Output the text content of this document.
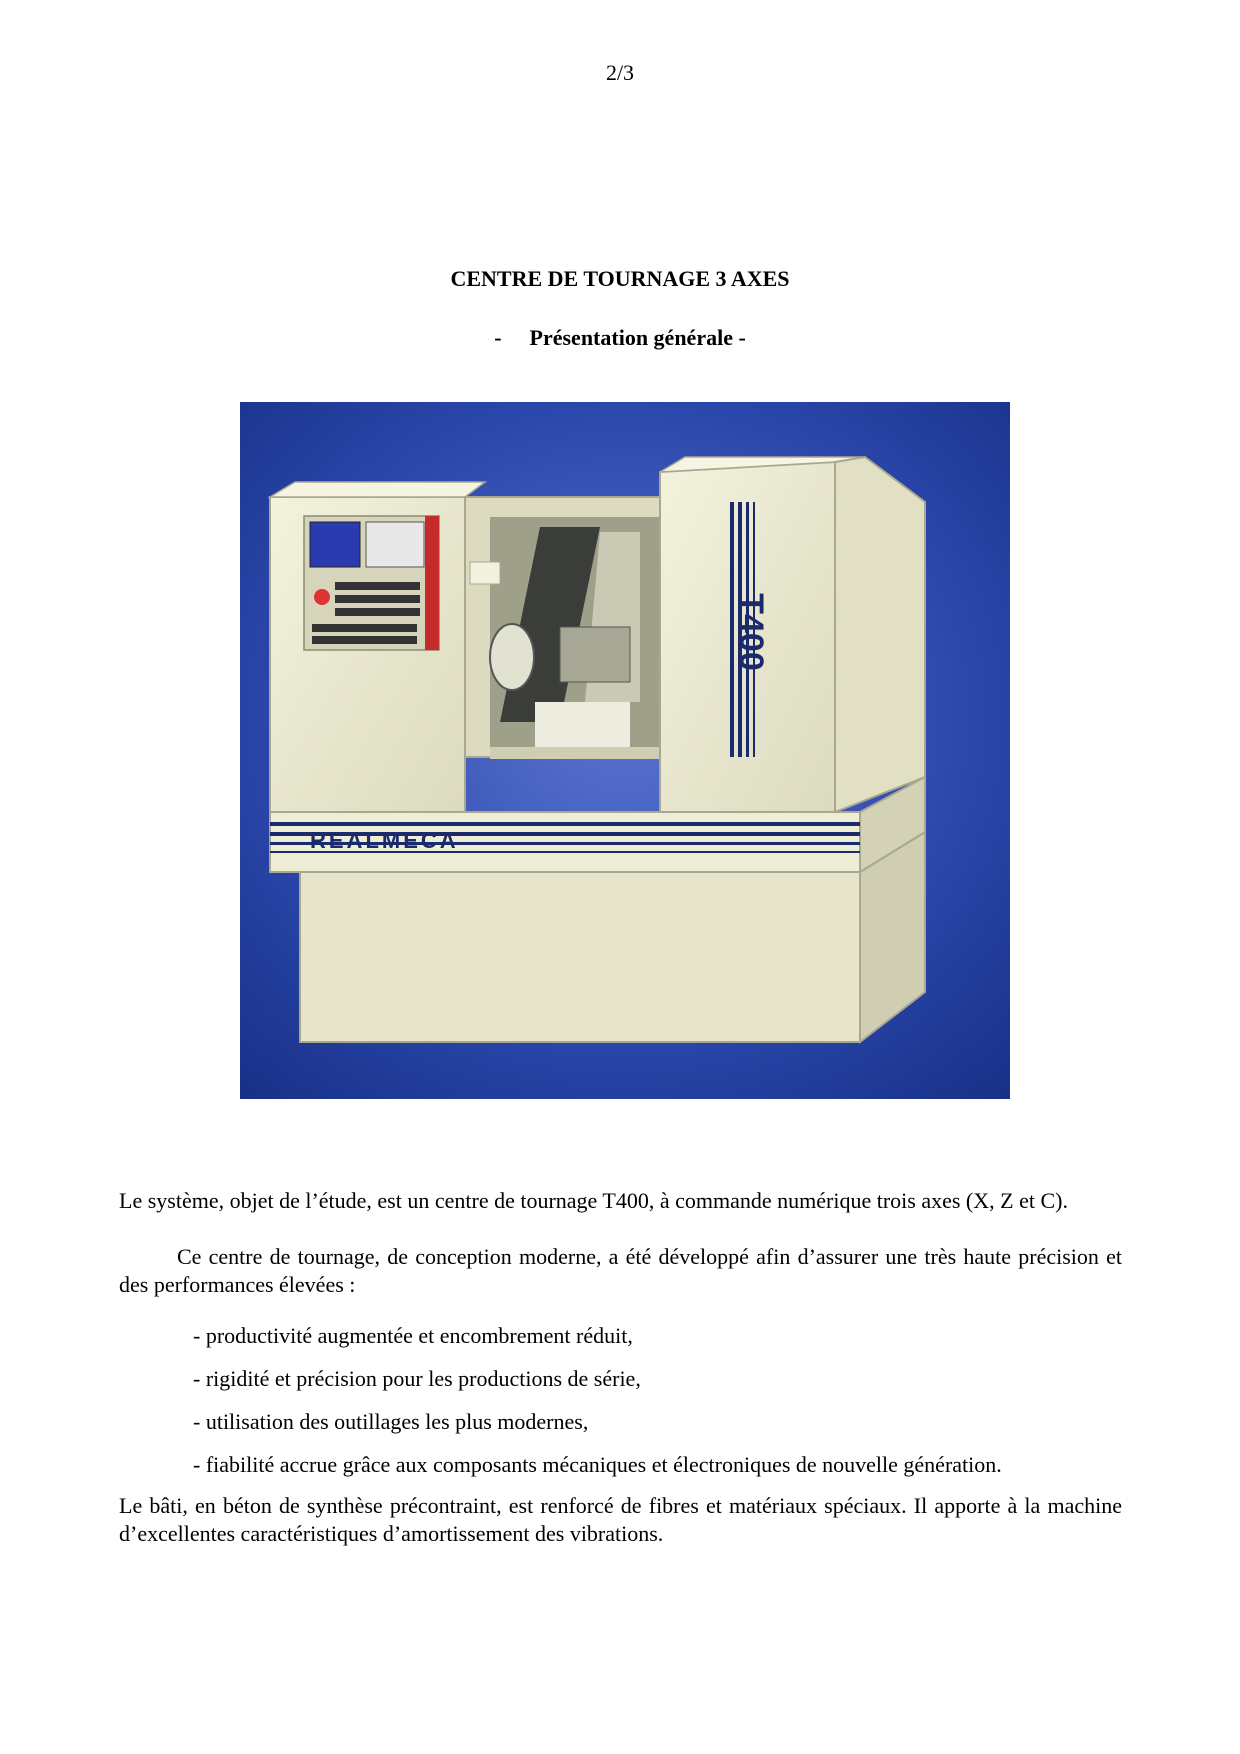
2/3
CENTRE DE TOURNAGE 3 AXES
- Présentation générale -
REALMECA
T400
Le système, objet de l’étude, est un centre de tournage T400, à commande numérique trois axes (X, Z et C).
Ce centre de tournage, de conception moderne, a été développé afin d’assurer une très haute précision et des performances élevées :
- productivité augmentée et encombrement réduit,
- rigidité et précision pour les productions de série,
- utilisation des outillages les plus modernes,
- fiabilité accrue grâce aux composants mécaniques et électroniques de nouvelle génération.
Le bâti, en béton de synthèse précontraint, est renforcé de fibres et matériaux spéciaux. Il apporte à la machine d’excellentes caractéristiques d’amortissement des vibrations.
